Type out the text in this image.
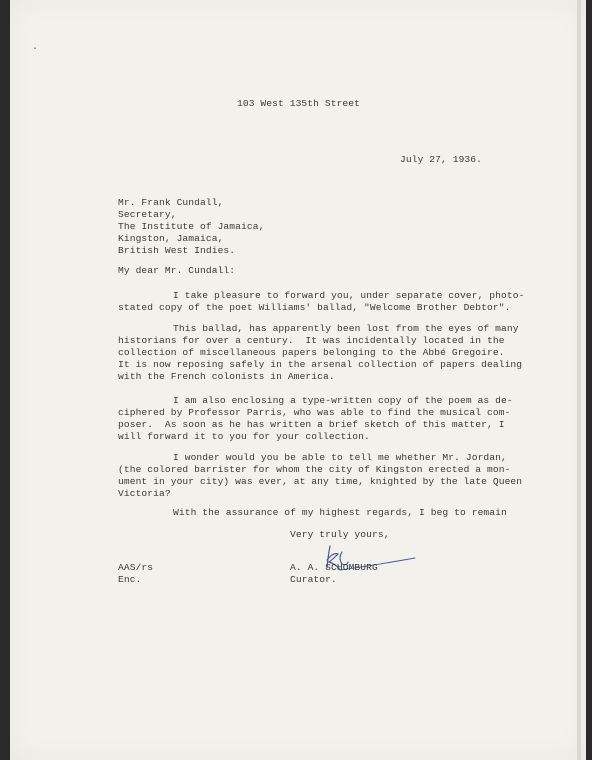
·
103 West 135th Street
July 27, 1936.
Mr. Frank Cundall,
Secretary,
The Institute of Jamaica,
Kingston, Jamaica,
British West Indies.
My dear Mr. Cundall:
I take pleasure to forward you, under separate cover, photo-
stated copy of the poet Williams' ballad, "Welcome Brother Debtor".
This ballad, has apparently been lost from the eyes of many
historians for over a century.  It was incidentally located in the
collection of miscellaneous papers belonging to the Abbé Gregoire.
It is now reposing safely in the arsenal collection of papers dealing
with the French colonists in America.
I am also enclosing a type-written copy of the poem as de-
ciphered by Professor Parris, who was able to find the musical com-
poser.  As soon as he has written a brief sketch of this matter, I
will forward it to you for your collection.
I wonder would you be able to tell me whether Mr. Jordan,
(the colored barrister for whom the city of Kingston erected a mon-
ument in your city) was ever, at any time, knighted by the late Queen
Victoria?
With the assurance of my highest regards, I beg to remain
Very truly yours,
AAS/rs
Enc.
A. A. SCHOMBURG
Curator.
